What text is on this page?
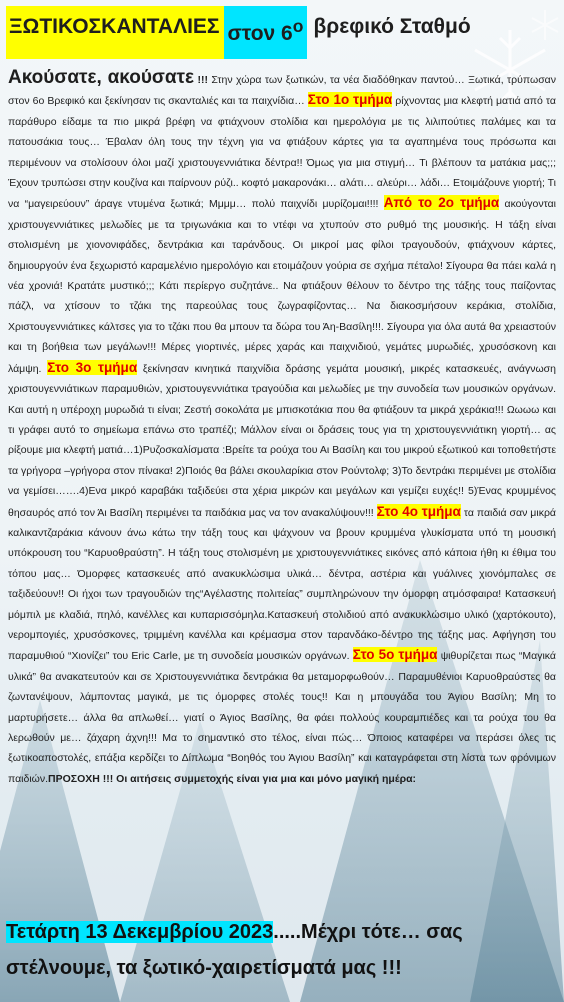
ΞΩΤΙΚΟΣΚΑΝΤΑΛΙΕΣ στον $6^o$ βρεφικό Σταθμό
Ακούσατε, ακούσατε !!! Στην χώρα των ξωτικών, τα νέα διαδόθηκαν παντού… Ξωτικά, τρύπωσαν στον 6ο Βρεφικό και ξεκίνησαν τις σκανταλιές και τα παιχνίδια… Στο 1ο τμήμα ρίχνοντας μια κλεφτή ματιά από τα παράθυρο είδαμε τα πιο μικρά βρέφη να φτιάχνουν στολίδια και ημερολόγια με τις λιλιπούτιες παλάμες και τα πατουσάκια τους… Έβαλαν όλη τους την τέχνη για να φτιάξουν κάρτες για τα αγαπημένα τους πρόσωπα και περιμένουν να στολίσουν όλοι μαζί χριστουγεννιάτικα δέντρα!! Όμως για μια στιγμή… Τι βλέπουν τα ματάκια μας;;; Έχουν τρυπώσει στην κουζίνα και παίρνουν ρύζι.. κοφτό μακαρονάκι… αλάτι… αλεύρι… λάδι… Ετοιμάζουνε γιορτή; Τι να “μαγειρεύουν” άραγε ντυμένα ξωτικά; Μμμμ… πολύ παιχνίδι μυρίζομαι!!!! Από το 2ο τμήμα ακούγονται χριστουγεννιάτικες μελωδίες με τα τριγωνάκια και το ντέφι να χτυπούν στο ρυθμό της μουσικής. Η τάξη είναι στολισμένη με χιονονιφάδες, δεντράκια και ταράνδους. Οι μικροί μας φίλοι τραγουδούν, φτιάχνουν κάρτες, δημιουργούν ένα ξεχωριστό καραμελένιο ημερολόγιο και ετοιμάζουν γούρια σε σχήμα πέταλο! Σίγουρα θα πάει καλά η νέα χρονιά! Κρατάτε μυστικό;;; Κάτι περίεργο συζητάνε.. Να φτιάξουν θέλουν το δέντρο της τάξης τους παίζοντας πάζλ, να χτίσουν το τζάκι της παρεούλας τους ζωγραφίζοντας… Να διακοσμήσουν κεράκια, στολίδια, Χριστουγεννιάτικες κάλτσες για το τζάκι που θα μπουν τα δώρα του Άη-Βασίλη!!!. Σίγουρα για όλα αυτά θα χρειαστούν και τη βοήθεια των μεγάλων!!! Μέρες γιορτινές, μέρες χαράς και παιχνιδιού, γεμάτες μυρωδιές, χρυσόσκονη και λάμψη. Στο 3ο τμήμα ξεκίνησαν κινητικά παιχνίδια δράσης γεμάτα μουσική, μικρές κατασκευές, ανάγνωση χριστουγεννιάτικων παραμυθιών, χριστουγεννιάτικα τραγούδια και μελωδίες με την συνοδεία των μουσικών οργάνων. Και αυτή η υπέροχη μυρωδιά τι είναι; Ζεστή σοκολάτα με μπισκοτάκια που θα φτιάξουν τα μικρά χεράκια!!! Ωωωω και τι γράφει αυτό το σημείωμα επάνω στο τραπέζι; Μάλλον είναι οι δράσεις τους για τη χριστουγεννιάτικη γιορτή… ας ρίξουμε μια κλεφτή ματιά…1)Ρυζοσκαλίσματα :Βρείτε τα ρούχα του Αι Βασίλη και του μικρού εξωτικού και τοποθετήστε τα γρήγορα –γρήγορα στον πίνακα! 2)Ποιός θα βάλει σκουλαρίκια στον Ρούντολφ; 3)Το δεντράκι περιμένει με στολίδια να γεμίσει…….4)Ενα μικρό καραβάκι ταξιδεύει στα χέρια μικρών και μεγάλων και γεμίζει ευχές!! 5)Ένας κρυμμένος θησαυρός από τον Άι Βασίλη περιμένει τα παιδάκια μας να τον ανακαλύψουν!!! Στο 4ο τμήμα τα παιδιά σαν μικρά καλικαντζαράκια κάνουν άνω κάτω την τάξη τους και ψάχνουν να βρουν κρυμμένα γλυκίσματα υπό τη μουσική υπόκρουση του “Καρυοθραύστη”. Η τάξη τους στολισμένη με χριστουγεννιάτικες εικόνες από κάποια ήθη κι έθιμα του τόπου μας… Όμορφες κατασκευές από ανακυκλώσιμα υλικά… δέντρα, αστέρια και γυάλινες χιονόμπαλες σε ταξιδεύουν!! Οι ήχοι των τραγουδιών της“Αγέλαστης πολιτείας” συμπληρώνουν την όμορφη ατμόσφαιρα! Κατασκευή μόμπιλ με κλαδιά, πηλό, κανέλλες και κυπαρισσόμηλα.Κατασκευή στολιδιού από ανακυκλώσιμο υλικό (χαρτόκουτο), νερομπογιές, χρυσόσκονες, τριμμένη κανέλλα και κρέμασμα στον ταρανδάκο-δέντρο της τάξης μας. Αφήγηση του παραμυθιού “Χιονίζει” του Eric Carle, με τη συνοδεία μουσικών οργάνων. Στο 5ο τμήμα ψιθυρίζεται πως “Μαγικά υλικά” θα ανακατευτούν και σε Χριστουγεννιάτικα δεντράκια θα μεταμορφωθούν… Παραμυθένιοι Καρυοθραύστες θα ζωντανέψουν, λάμποντας μαγικά, με τις όμορφες στολές τους!! Και η μπουγάδα του Άγιου Βασίλη; Μη το μαρτυρήσετε… άλλα θα απλωθεί… γιατί ο Άγιος Βασίλης, θα φάει πολλούς κουραμπιέδες και τα ρούχα του θα λερωθούν με… ζάχαρη άχνη!!! Μα το σημαντικό στο τέλος, είναι πώς… Όποιος καταφέρει να περάσει όλες τις ξωτικοαποστολές, επάξια κερδίζει το Δίπλωμα “Βοηθός του Άγιου Βασίλη” και καταγράφεται στη λίστα των φρόνιμων παιδιών.ΠΡΟΣΟΧΗ !!! Οι αιτήσεις συμμετοχής είναι για μια και μόνο μαγική ημέρα:
Τετάρτη 13 Δεκεμβρίου 2023.....Μέχρι τότε… σας στέλνουμε, τα ξωτικό-χαιρετίσματά μας !!!
